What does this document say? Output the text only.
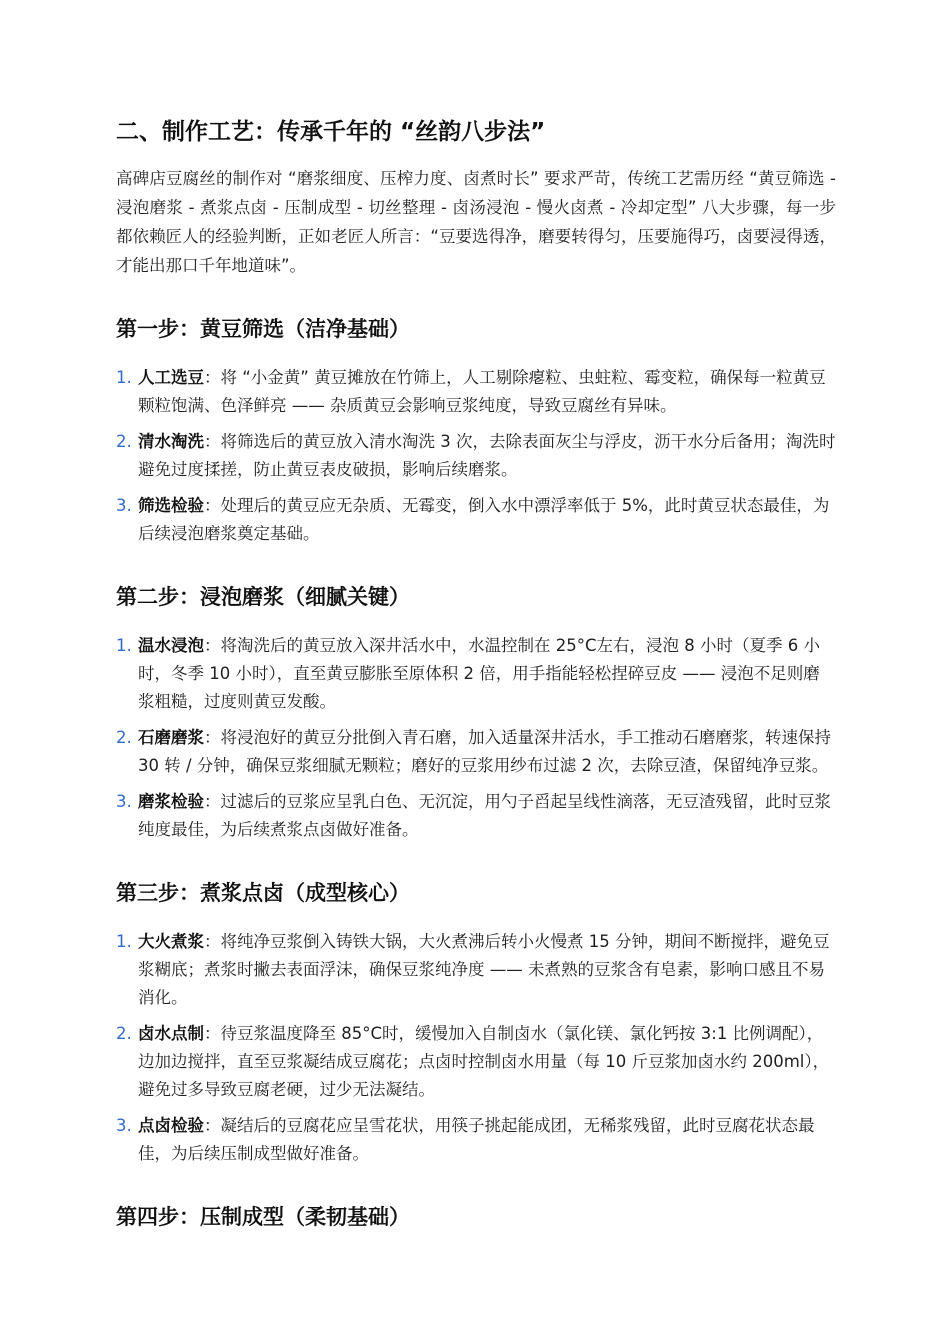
二、制作工艺：传承千年的 “丝韵八步法”

高碑店豆腐丝的制作对 “磨浆细度、压榨力度、卤煮时长” 要求严苛，传统工艺需历经 “黄豆筛选 - 浸泡磨浆 - 煮浆点卤 - 压制成型 - 切丝整理 - 卤汤浸泡 - 慢火卤煮 - 冷却定型” 八大步骤，每一步都依赖匠人的经验判断，正如老匠人所言：“豆要选得净，磨要转得匀，压要施得巧，卤要浸得透，才能出那口千年地道味”。

第一步：黄豆筛选（洁净基础）
1. 人工选豆：将 “小金黄” 黄豆摊放在竹筛上，人工剔除瘪粒、虫蛀粒、霉变粒，确保每一粒黄豆颗粒饱满、色泽鲜亮 —— 杂质黄豆会影响豆浆纯度，导致豆腐丝有异味。
2. 清水淘洗：将筛选后的黄豆放入清水淘洗 3 次，去除表面灰尘与浮皮，沥干水分后备用；淘洗时避免过度揉搓，防止黄豆表皮破损，影响后续磨浆。
3. 筛选检验：处理后的黄豆应无杂质、无霉变，倒入水中漂浮率低于 5%，此时黄豆状态最佳，为后续浸泡磨浆奠定基础。
第二步：浸泡磨浆（细腻关键）
1. 温水浸泡：将淘洗后的黄豆放入深井活水中，水温控制在 25°C左右，浸泡 8 小时（夏季 6 小时，冬季 10 小时），直至黄豆膨胀至原体积 2 倍，用手指能轻松捏碎豆皮 —— 浸泡不足则磨浆粗糙，过度则黄豆发酸。
2. 石磨磨浆：将浸泡好的黄豆分批倒入青石磨，加入适量深井活水，手工推动石磨磨浆，转速保持 30 转 / 分钟，确保豆浆细腻无颗粒；磨好的豆浆用纱布过滤 2 次，去除豆渣，保留纯净豆浆。
3. 磨浆检验：过滤后的豆浆应呈乳白色、无沉淀，用勺子舀起呈线性滴落，无豆渣残留，此时豆浆纯度最佳，为后续煮浆点卤做好准备。
第三步：煮浆点卤（成型核心）
1. 大火煮浆：将纯净豆浆倒入铸铁大锅，大火煮沸后转小火慢煮 15 分钟，期间不断搅拌，避免豆浆糊底；煮浆时撇去表面浮沫，确保豆浆纯净度 —— 未煮熟的豆浆含有皂素，影响口感且不易消化。
2. 卤水点制：待豆浆温度降至 85°C时，缓慢加入自制卤水（氯化镁、氯化钙按 3:1 比例调配），边加边搅拌，直至豆浆凝结成豆腐花；点卤时控制卤水用量（每 10 斤豆浆加卤水约 200ml），避免过多导致豆腐老硬，过少无法凝结。
3. 点卤检验：凝结后的豆腐花应呈雪花状，用筷子挑起能成团，无稀浆残留，此时豆腐花状态最佳，为后续压制成型做好准备。
第四步：压制成型（柔韧基础）
